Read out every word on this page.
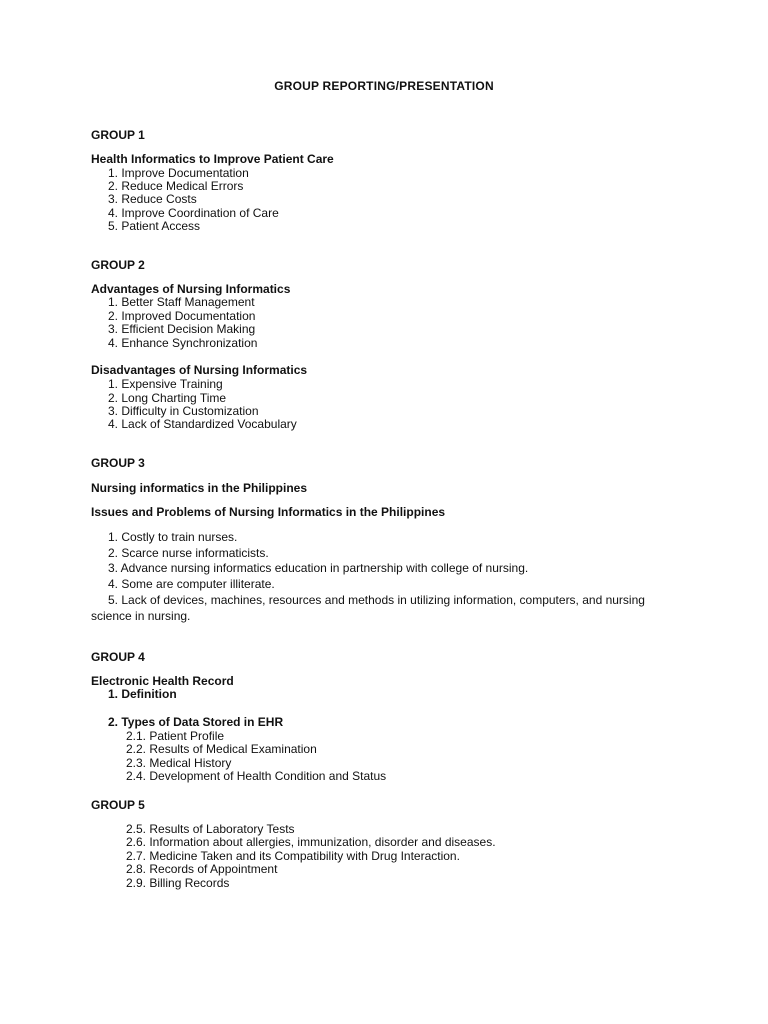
GROUP REPORTING/PRESENTATION
GROUP 1
Health Informatics to Improve Patient Care
1. Improve Documentation
2. Reduce Medical Errors
3. Reduce Costs
4. Improve Coordination of Care
5. Patient Access
GROUP 2
Advantages of Nursing Informatics
1. Better Staff Management
2. Improved Documentation
3. Efficient Decision Making
4. Enhance Synchronization
Disadvantages of Nursing Informatics
1. Expensive Training
2. Long Charting Time
3. Difficulty in Customization
4. Lack of Standardized Vocabulary
GROUP 3
Nursing informatics in the Philippines
Issues and Problems of Nursing Informatics in the Philippines
1. Costly to train nurses.
2. Scarce nurse informaticists.
3. Advance nursing informatics education in partnership with college of nursing.
4. Some are computer illiterate.
5. Lack of devices, machines, resources and methods in utilizing information, computers, and nursing
science in nursing.
GROUP 4
Electronic Health Record
1. Definition
2. Types of Data Stored in EHR
2.1. Patient Profile
2.2. Results of Medical Examination
2.3. Medical History
2.4. Development of Health Condition and Status
GROUP 5
2.5. Results of Laboratory Tests
2.6. Information about allergies, immunization, disorder and diseases.
2.7. Medicine Taken and its Compatibility with Drug Interaction.
2.8. Records of Appointment
2.9. Billing Records
